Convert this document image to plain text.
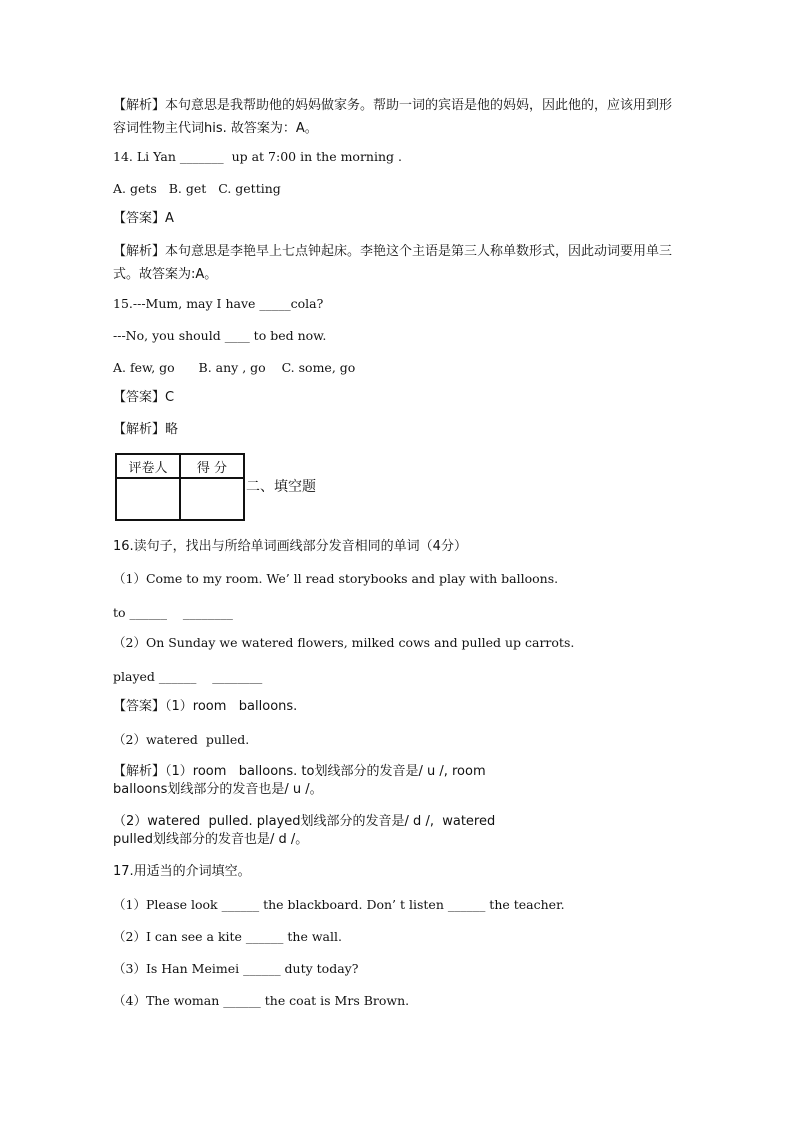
【解析】本句意思是我帮助他的妈妈做家务。帮助一词的宾语是他的妈妈，因此他的，应该用到形容词性物主代词his. 故答案为：A。
14. Li Yan _______  up at 7:00 in the morning .
A. gets   B. get   C. getting
【答案】A
【解析】本句意思是李艳早上七点钟起床。李艳这个主语是第三人称单数形式，因此动词要用单三式。故答案为:A。
15.---Mum, may I have _____cola?
---No, you should ____ to bed now.
A. few, go      B. any , go    C. some, go
【答案】C
【解析】略
评卷人	得 分

二、填空题
16.读句子，找出与所给单词画线部分发音相同的单词（4分）
（1）Come to my room. We’ ll read storybooks and play with balloons.
to ______    ________
（2）On Sunday we watered flowers, milked cows and pulled up carrots.
played ______    ________
【答案】（1）room   balloons.
（2）watered  pulled.
【解析】（1）room   balloons. to划线部分的发音是/ u /, room
balloons划线部分的发音也是/ u /。
（2）watered  pulled. played划线部分的发音是/ d /,  watered
pulled划线部分的发音也是/ d /。
17.用适当的介词填空。
（1）Please look ______ the blackboard. Don’ t listen ______ the teacher.
（2）I can see a kite ______ the wall.
（3）Is Han Meimei ______ duty today?
（4）The woman ______ the coat is Mrs Brown.
